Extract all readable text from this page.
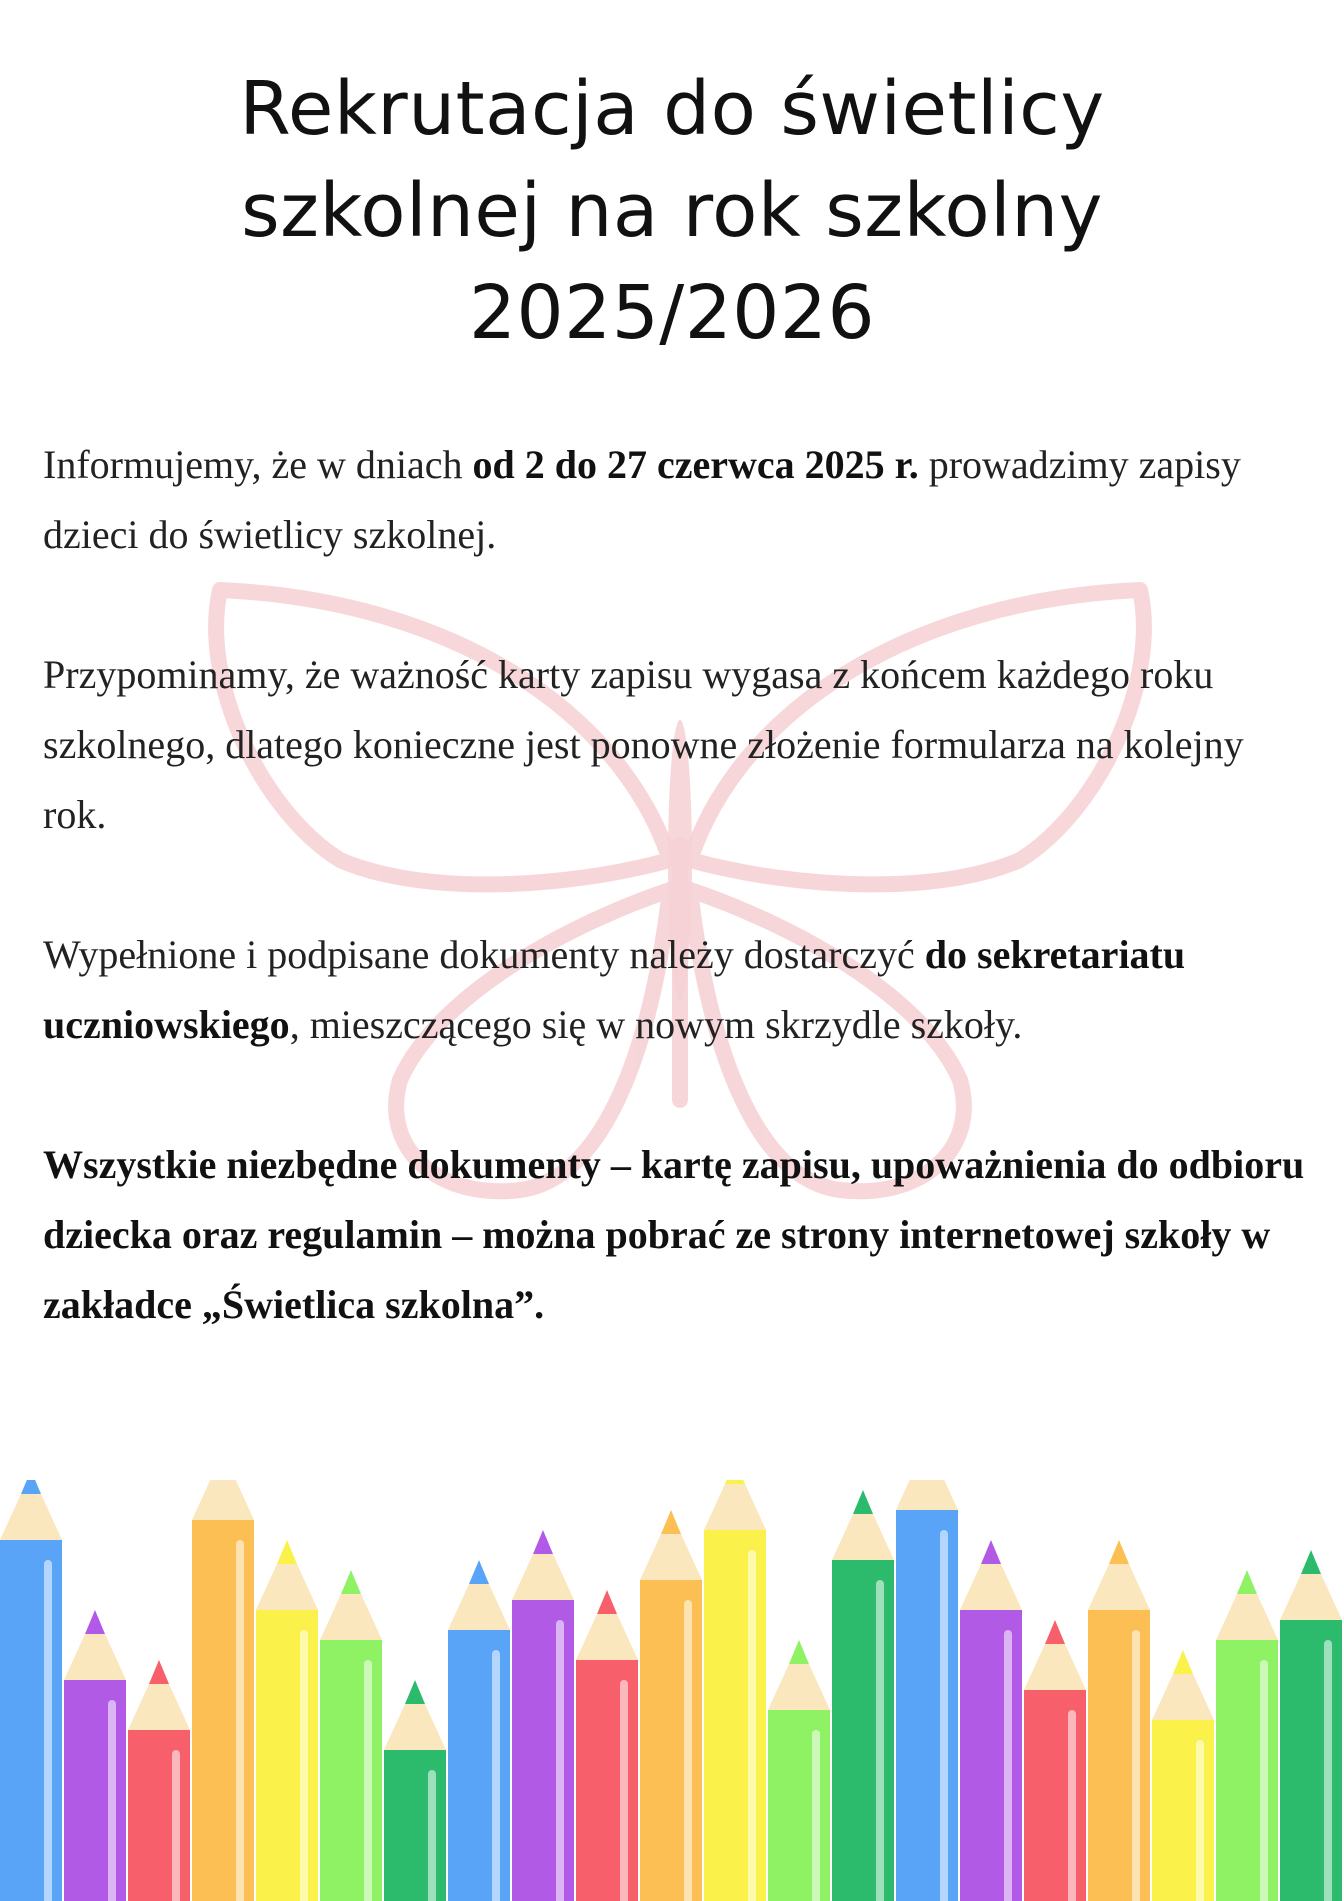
Rekrutacja do świetlicy
szkolnej na rok szkolny
2025/2026

Informujemy, że w dniach od 2 do 27 czerwca 2025 r. prowadzimy zapisy dzieci do świetlicy szkolnej.

Przypominamy, że ważność karty zapisu wygasa z końcem każdego roku szkolnego, dlatego konieczne jest ponowne złożenie formularza na kolejny rok.

Wypełnione i podpisane dokumenty należy dostarczyć do sekretariatu uczniowskiego, mieszczącego się w nowym skrzydle szkoły.

Wszystkie niezbędne dokumenty – kartę zapisu, upoważnienia do odbioru dziecka oraz regulamin – można pobrać ze strony internetowej szkoły w zakładce „Świetlica szkolna”.
